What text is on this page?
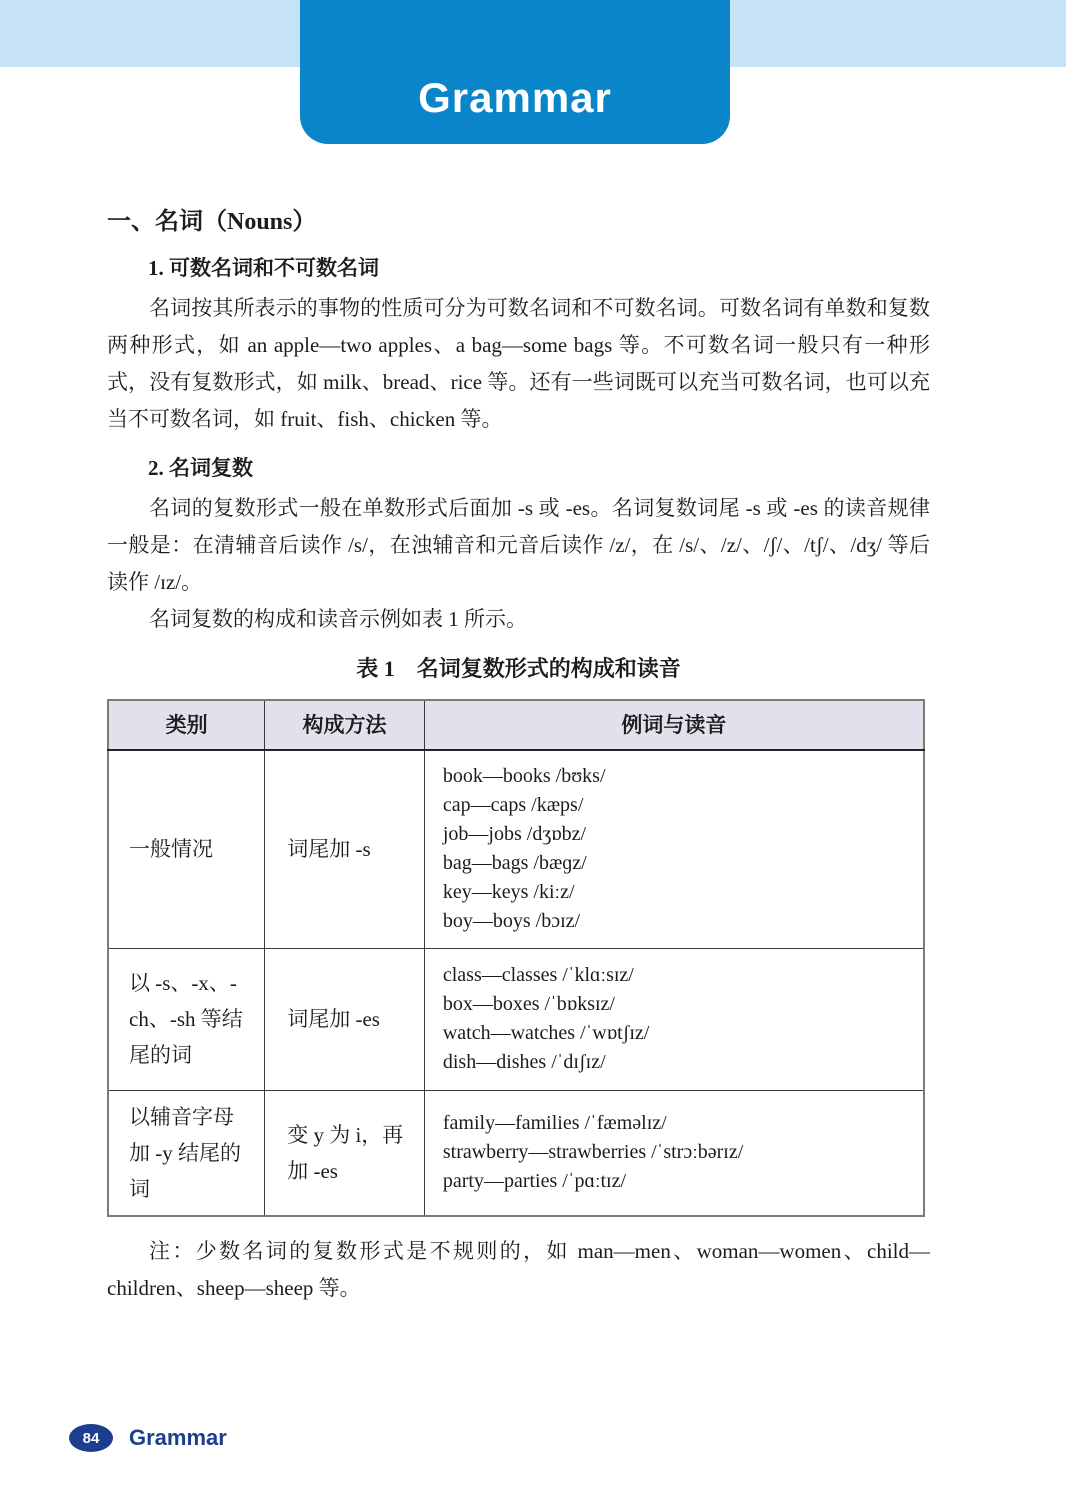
Grammar
一、名词（Nouns）
1. 可数名词和不可数名词

名词按其所表示的事物的性质可分为可数名词和不可数名词。可数名词有单数和复数两种形式，如 an apple—two apples、a bag—some bags 等。不可数名词一般只有一种形式，没有复数形式，如 milk、bread、rice 等。还有一些词既可以充当可数名词，也可以充当不可数名词，如 fruit、fish、chicken 等。

2. 名词复数

名词的复数形式一般在单数形式后面加 -s 或 -es。名词复数词尾 -s 或 -es 的读音规律一般是：在清辅音后读作 /s/，在浊辅音和元音后读作 /z/，在 /s/、/z/、/ʃ/、/tʃ/、/dʒ/ 等后读作 /ɪz/。

名词复数的构成和读音示例如表 1 所示。

表 1　名词复数形式的构成和读音
类别	构成方法	例词与读音
一般情况	词尾加 -s	
book—books /bʊks/
cap—caps /kæps/
job—jobs /dʒɒbz/
bag—bags /bæɡz/
key—keys /kiːz/
boy—boys /bɔɪz/

以 -s、-x、-ch、-sh 等结尾的词	词尾加 -es	class—classes /ˈklɑːsɪz/
box—boxes /ˈbɒksɪz/
watch—watches /ˈwɒtʃɪz/
dish—dishes /ˈdɪʃɪz/

以辅音字母加 -y 结尾的词	变 y 为 i，再加 -es	family—families /ˈfæməlɪz/
strawberry—strawberries /ˈstrɔːbərɪz/
party—parties /ˈpɑːtɪz/

注：少数名词的复数形式是不规则的，如 man—men、woman—women、child—children、sheep—sheep 等。

84 Grammar
